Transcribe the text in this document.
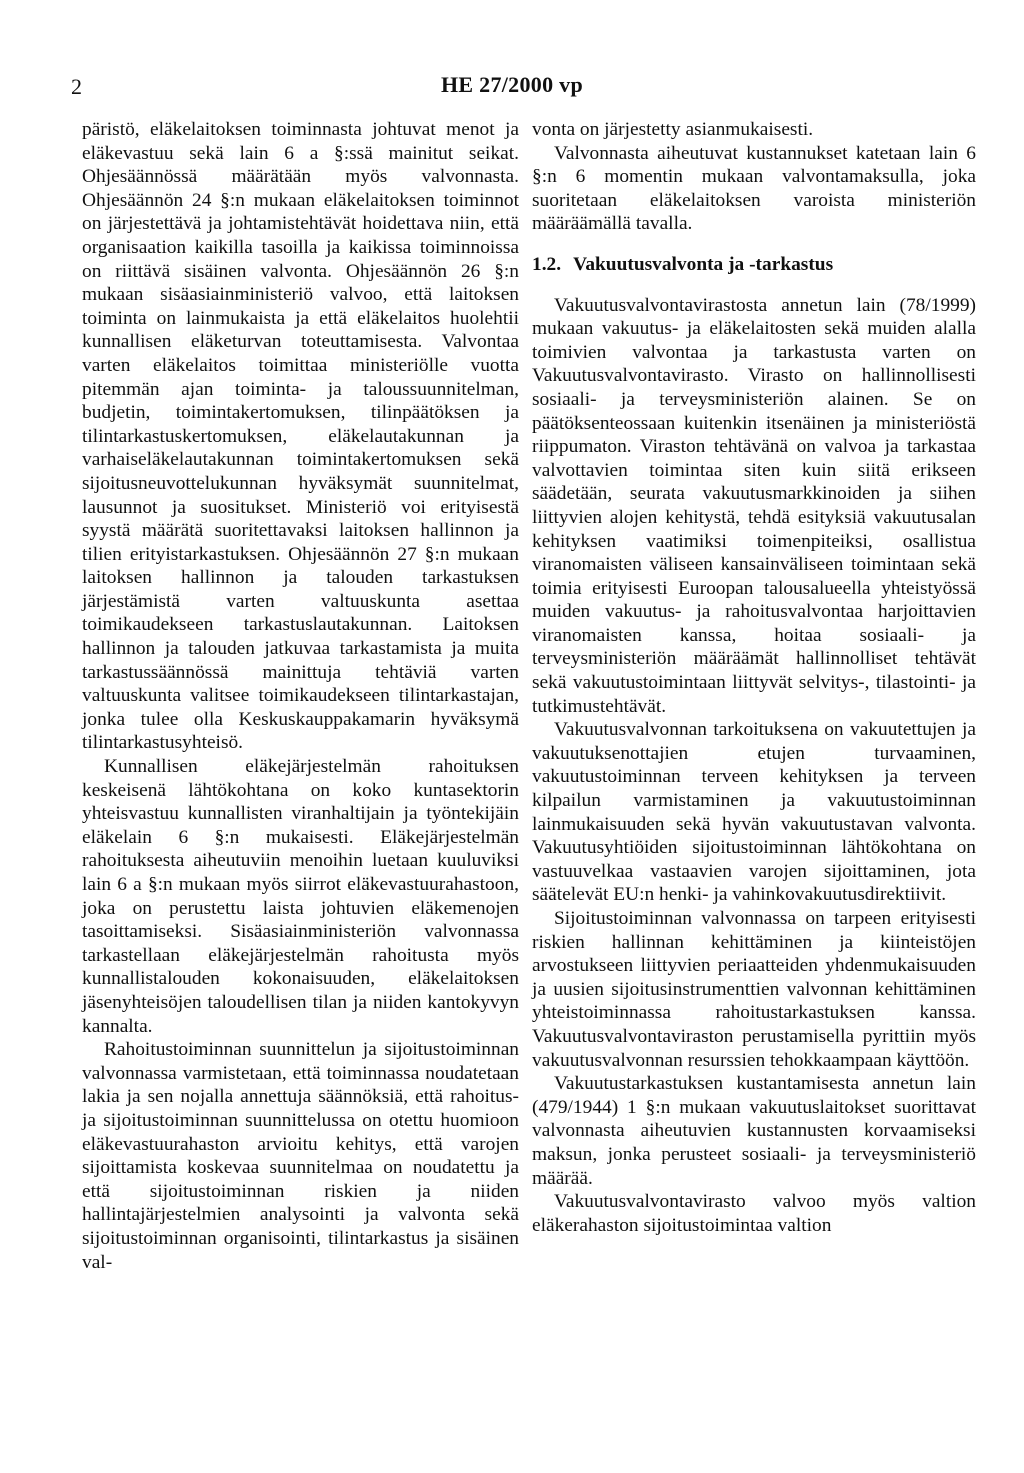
2	HE 27/2000 vp

päristö, eläkelaitoksen toiminnasta johtuvat menot ja eläkevastuu sekä lain 6 a §:ssä mainitut seikat. Ohjesäännössä määrätään myös valvonnasta. Ohjesäännön 24 §:n mukaan eläkelaitoksen toiminnot on järjestettävä ja johtamistehtävät hoidettava niin, että organisaation kaikilla tasoilla ja kaikissa toiminnoissa on riittävä sisäinen valvonta. Ohjesäännön 26 §:n mukaan sisäasiainministeriö valvoo, että laitoksen toiminta on lainmukaista ja että eläkelaitos huolehtii kunnallisen eläketurvan toteuttamisesta. Valvontaa varten eläkelaitos toimittaa ministeriölle vuotta pitemmän ajan toiminta- ja taloussuunnitelman, budjetin, toimintakertomuksen, tilinpäätöksen ja tilintarkastuskertomuksen, eläkelautakunnan ja varhaiseläkelautakunnan toimintakertomuksen sekä sijoitusneuvottelukunnan hyväksymät suunnitelmat, lausunnot ja suositukset. Ministeriö voi erityisestä syystä määrätä suoritettavaksi laitoksen hallinnon ja tilien erityistarkastuksen. Ohjesäännön 27 §:n mukaan laitoksen hallinnon ja talouden tarkastuksen järjestämistä varten valtuuskunta asettaa toimikaudekseen tarkastuslautakunnan. Laitoksen hallinnon ja talouden jatkuvaa tarkastamista ja muita tarkastussäännössä mainittuja tehtäviä varten valtuuskunta valitsee toimikaudekseen tilintarkastajan, jonka tulee olla Keskuskauppakamarin hyväksymä tilintarkastusyhteisö.

Kunnallisen eläkejärjestelmän rahoituksen keskeisenä lähtökohtana on koko kuntasektorin yhteisvastuu kunnallisten viranhaltijain ja työntekijäin eläkelain 6 §:n mukaisesti. Eläkejärjestelmän rahoituksesta aiheutuviin menoihin luetaan kuuluviksi lain 6 a §:n mukaan myös siirrot eläkevastuurahastoon, joka on perustettu laista johtuvien eläkemenojen tasoittamiseksi. Sisäasiainministeriön valvonnassa tarkastellaan eläkejärjestelmän rahoitusta myös kunnallistalouden kokonaisuuden, eläkelaitoksen jäsenyhteisöjen taloudellisen tilan ja niiden kantokyvyn kannalta.

Rahoitustoiminnan suunnittelun ja sijoitustoiminnan valvonnassa varmistetaan, että toiminnassa noudatetaan lakia ja sen nojalla annettuja säännöksiä, että rahoitus- ja sijoitustoiminnan suunnittelussa on otettu huomioon eläkevastuurahaston arvioitu kehitys, että varojen sijoittamista koskevaa suunnitelmaa on noudatettu ja että sijoitustoiminnan riskien ja niiden hallintajärjestelmien analysointi ja valvonta sekä sijoitustoiminnan organisointi, tilintarkastus ja sisäinen val-

vonta on järjestetty asianmukaisesti.

Valvonnasta aiheutuvat kustannukset katetaan lain 6 §:n 6 momentin mukaan valvontamaksulla, joka suoritetaan eläkelaitoksen varoista ministeriön määräämällä tavalla.

1.2. Vakuutusvalvonta ja -tarkastus

Vakuutusvalvontavirastosta annetun lain (78/1999) mukaan vakuutus- ja eläkelaitosten sekä muiden alalla toimivien valvontaa ja tarkastusta varten on Vakuutusvalvontavirasto. Virasto on hallinnollisesti sosiaali- ja terveysministeriön alainen. Se on päätöksenteossaan kuitenkin itsenäinen ja ministeriöstä riippumaton. Viraston tehtävänä on valvoa ja tarkastaa valvottavien toimintaa siten kuin siitä erikseen säädetään, seurata vakuutusmarkkinoiden ja siihen liittyvien alojen kehitystä, tehdä esityksiä vakuutusalan kehityksen vaatimiksi toimenpiteiksi, osallistua viranomaisten väliseen kansainväliseen toimintaan sekä toimia erityisesti Euroopan talousalueella yhteistyössä muiden vakuutus- ja rahoitusvalvontaa harjoittavien viranomaisten kanssa, hoitaa sosiaali- ja terveysministeriön määräämät hallinnolliset tehtävät sekä vakuutustoimintaan liittyvät selvitys-, tilastointi- ja tutkimustehtävät.

Vakuutusvalvonnan tarkoituksena on vakuutettujen ja vakuutuksenottajien etujen turvaaminen, vakuutustoiminnan terveen kehityksen ja terveen kilpailun varmistaminen ja vakuutustoiminnan lainmukaisuuden sekä hyvän vakuutustavan valvonta. Vakuutusyhtiöiden sijoitustoiminnan lähtökohtana on vastuuvelkaa vastaavien varojen sijoittaminen, jota säätelevät EU:n henki- ja vahinkovakuutusdirektiivit.

Sijoitustoiminnan valvonnassa on tarpeen erityisesti riskien hallinnan kehittäminen ja kiinteistöjen arvostukseen liittyvien periaatteiden yhdenmukaisuuden ja uusien sijoitusinstrumenttien valvonnan kehittäminen yhteistoiminnassa rahoitustarkastuksen kanssa. Vakuutusvalvontaviraston perustamisella pyrittiin myös vakuutusvalvonnan resurssien tehokkaampaan käyttöön.

Vakuutustarkastuksen kustantamisesta annetun lain (479/1944) 1 §:n mukaan vakuutuslaitokset suorittavat valvonnasta aiheutuvien kustannusten korvaamiseksi maksun, jonka perusteet sosiaali- ja terveysministeriö määrää.

Vakuutusvalvontavirasto valvoo myös valtion eläkerahaston sijoitustoimintaa valtion
